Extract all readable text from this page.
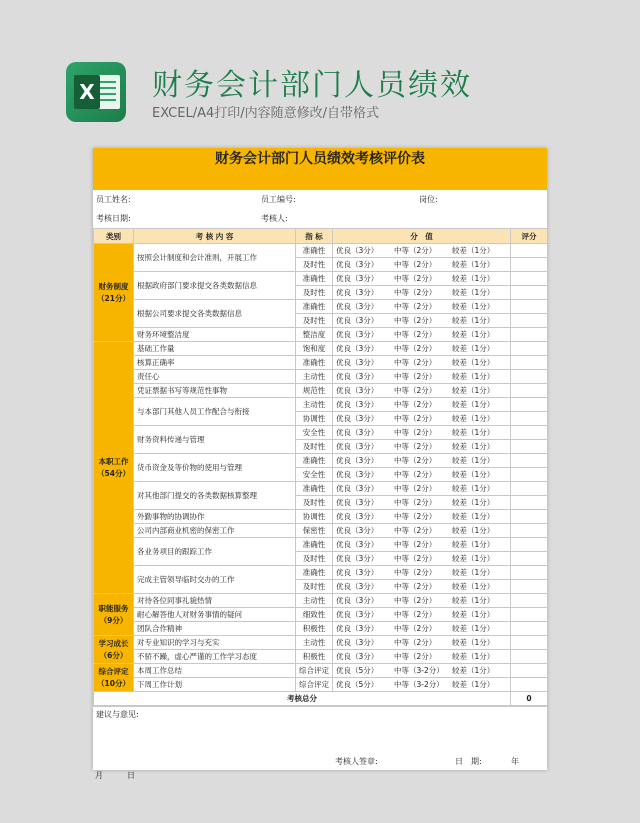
X 财务会计部门人员绩效
EXCEL/A4打印/内容随意修改/自带格式
财务会计部门人员绩效考核评价表
员工姓名:	员工编号:	岗位:
考核日期:	考核人:
类别	考 核 内 容	指 标	分　值	评分
财务制度
（21分）	按照会计制度和会计准则，开展工作	准确性	优良（3分） 中等（2分） 较差（1分）	
		及时性	优良（3分） 中等（2分） 较差（1分）	
	根据政府部门要求提交各类数据信息	准确性	优良（3分） 中等（2分） 较差（1分）	
		及时性	优良（3分） 中等（2分） 较差（1分）	
	根据公司要求提交各类数据信息	准确性	优良（3分） 中等（2分） 较差（1分）	
		及时性	优良（3分） 中等（2分） 较差（1分）	
	财务环境整洁度	整洁度	优良（3分） 中等（2分） 较差（1分）	
本职工作
（54分）	基础工作量	饱和度	优良（3分） 中等（2分） 较差（1分）	
	核算正确率	准确性	优良（3分） 中等（2分） 较差（1分）	
	责任心	主动性	优良（3分） 中等（2分） 较差（1分）	
	凭证票据书写等规范性事物	规范性	优良（3分） 中等（2分） 较差（1分）	
	与本部门其他人员工作配合与衔接	主动性	优良（3分） 中等（2分） 较差（1分）	
		协调性	优良（3分） 中等（2分） 较差（1分）	
	财务资料传递与管理	安全性	优良（3分） 中等（2分） 较差（1分）	
		及时性	优良（3分） 中等（2分） 较差（1分）	
	货币资金及等价物的使用与管理	准确性	优良（3分） 中等（2分） 较差（1分）	
		安全性	优良（3分） 中等（2分） 较差（1分）	
	对其他部门提交的各类数据核算整理	准确性	优良（3分） 中等（2分） 较差（1分）	
		及时性	优良（3分） 中等（2分） 较差（1分）	
	外勤事物的协调协作	协调性	优良（3分） 中等（2分） 较差（1分）	
	公司内部商业机密的保密工作	保密性	优良（3分） 中等（2分） 较差（1分）	
	各业务项目的跟踪工作	准确性	优良（3分） 中等（2分） 较差（1分）	
		及时性	优良（3分） 中等（2分） 较差（1分）	
	完成主管领导临时交办的工作	准确性	优良（3分） 中等（2分） 较差（1分）	
		及时性	优良（3分） 中等（2分） 较差（1分）	
职能服务
（9分）	对待各位同事礼貌热情	主动性	优良（3分） 中等（2分） 较差（1分）	
	耐心解答他人对财务事情的疑问	细致性	优良（3分） 中等（2分） 较差（1分）	
	团队合作精神	积极性	优良（3分） 中等（2分） 较差（1分）	
学习成长
（6分）	对专业知识的学习与充实	主动性	优良（3分） 中等（2分） 较差（1分）	
	不骄不躁，虚心严谨的工作学习态度	积极性	优良（3分） 中等（2分） 较差（1分）	
综合评定
（10分）	本周工作总结	综合评定	优良（5分） 中等（3-2分） 较差（1分）	
	下周工作计划	综合评定	优良（5分） 中等（3-2分） 较差（1分）	
考核总分				0
建议与意见:
考核人签章:	日　期:	年
月	日
